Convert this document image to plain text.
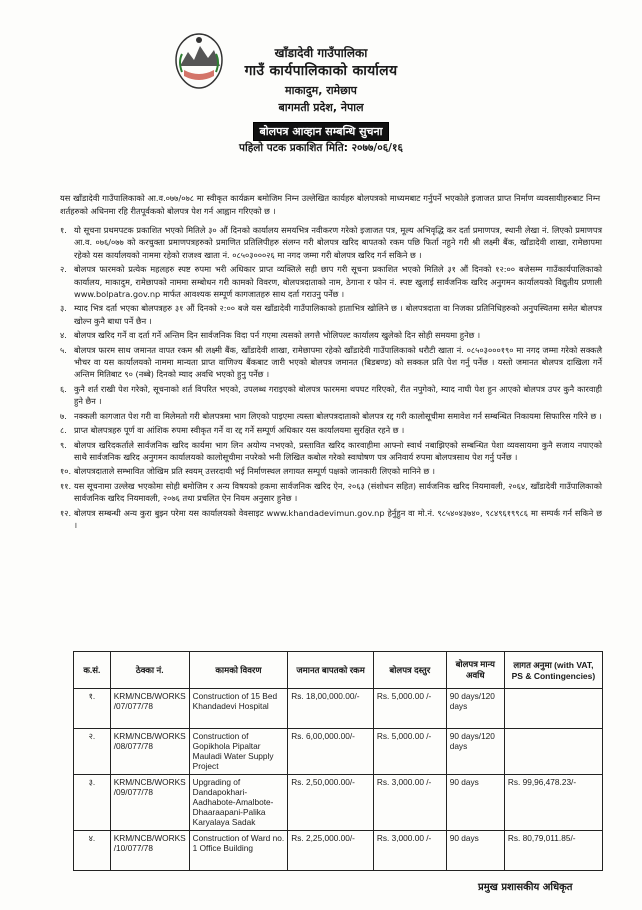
खाँडादेवी गाउँपालिका
गाउँ कार्यपालिकाको कार्यालय
माकादुम, रामेछाप
बागमती प्रदेश, नेपाल
बोलपत्र आव्हान सम्बन्धि सुचना
पहिलो पटक प्रकाशित मिति: २०७७/०६/१६
यस खाँडादेवी गाउँपालिकाको आ.व.०७७/०७८ मा स्वीकृत कार्यक्रम बमोजिम निम्न उल्लेखित कार्यहरु बोलपत्रको माध्यमबाट गर्नुपर्ने भएकोले इजाजत प्राप्त निर्माण व्यवसायीहरुबाट निम्न शर्तहरुको अधिनमा रहि रीतपूर्वकको बोलपत्र पेश गर्न आह्वान गरिएको छ ।
१. यो सूचना प्रथमपटक प्रकाशित भएको मितिले ३० औं दिनको कार्यालय समयभित्र नवीकरण गरेको इजाजत पत्र, मूल्य अभिवृद्धि कर दर्ता प्रमाणपत्र, स्थानी लेखा नं. लिएको प्रमाणपत्र आ.व. ०७६/०७७ को करचुक्ता प्रमाणपत्रहरुको प्रमाणित प्रतिलिपीहरु संलग्न गरी बोलपत्र खरिद बापतको रकम पछि फिर्ता नहुने गरी श्री लक्ष्मी बैंक, खाँडादेवी शाखा, रामेछापमा रहेको यस कार्यालयको नाममा रहेको राजश्व खाता नं. ०८५०३०००२६ मा नगद जम्मा गरी बोलपत्र खरिद गर्न सकिने छ ।
२. बोलपत्र फारमको प्रत्येक महलहरु स्पष्ट रुपमा भरी अधिकार प्राप्त व्यक्तिले सही छाप गरी सूचना प्रकाशित भएको मितिले ३१ औं दिनको १२:०० बजेसम्म गाउँकार्यपालिकाको कार्यालय, माकादुम, रामेछापको नाममा सम्बोधन गरी कामको विवरण, बोलपत्रदाताको नाम, ठेगाना र फोन नं. स्पष्ट खुलाई सार्वजनिक खरिद अनुगमन कार्यालयको विद्युतीय प्रणाली www.bolpatra.gov.np मार्फत आवश्यक सम्पूर्ण कागजातहरु साथ दर्ता गराउनु पर्नेछ ।
३. म्याद भित्र दर्ता भएका बोलपत्रहरु ३१ औं दिनको २:०० बजे यस खाँडादेवी गाउँपालिकाको हाताभित्र खोलिने छ । बोलपत्रदाता वा निजका प्रतिनिधिहरुको अनुपस्थितमा समेत बोलपत्र खोल्न कुनै बाधा पर्ने छैन ।
४. बोलपत्र खरिद गर्ने वा दर्ता गर्ने अन्तिम दिन सार्वजनिक विदा पर्न गएमा त्यसको लगत्तै भोलिपल्ट कार्यालय खुलेको दिन सोही समयमा हुनेछ ।
५. बोलपत्र फारम साथ जमानत वापत रकम श्री लक्ष्मी बैंक, खाँडादेवी शाखा, रामेछापमा रहेको खाँडादेवी गाउँपालिकाको धरौटी खाता नं. ०८५०३०००१९० मा नगद जम्मा गरेको सक्कलै भौचर वा यस कार्यालयको नाममा मान्यता प्राप्त वाणिज्य बैंकबाट जारी भएको बोलपत्र जमानत (बिडबण्ड) को सक्कल प्रति पेश गर्नु पर्नेछ । यस्तो जमानत बोलपत्र दाखिला गर्ने अन्तिम मितिबाट ९० (नब्बे) दिनको म्याद अवधि भएको हुनु पर्नेछ ।
६. कुनै शर्त राखी पेश गरेको, सूचनाको शर्त विपरित भएको, उपलब्ध गराइएको बोलपत्र फारममा थपघट गरिएको, रीत नपुगेको, म्याद नाघी पेश हुन आएको बोलपत्र उपर कुनै कारवाही हुने छैन ।
७. नक्कली कागजात पेश गरी वा मिलेमतो गरी बोलपत्रमा भाग लिएको पाइएमा त्यस्ता बोलपत्रदाताको बोलपत्र रद्द गरी कालोसूचीमा समावेश गर्न सम्बन्धित निकायमा सिफारिस गरिने छ ।
८. प्राप्त बोलपत्रहरु पूर्ण वा आंशिक रुपमा स्वीकृत गर्ने वा रद्द गर्ने सम्पूर्ण अधिकार यस कार्यालयमा सुरक्षित रहने छ ।
९. बोलपत्र खरिदकर्ताले सार्वजनिक खरिद कार्यमा भाग लिन अयोग्य नभएको, प्रस्तावित खरिद कारवाहीमा आफ्नो स्वार्थ नबाझिएको सम्बन्धित पेशा व्यवसायमा कुनै सजाय नपाएको साथै सार्वजनिक खरिद अनुगमन कार्यालयको कालोसूचीमा नपरेको भनी लिखित कबोल गरेको स्वःघोषण पत्र अनिवार्य रुपमा बोलपत्रसाथ पेश गर्नु पर्नेछ ।
१०. बोलपत्रदाताले सम्भावित जोखिम प्रति स्वयम् उत्तरदायी भई निर्माणस्थल लगायत सम्पूर्ण पक्षको जानकारी लिएको मानिने छ ।
११. यस सूचनामा उल्लेख भएकोमा सोही बमोजिम र अन्य विषयको हकमा सार्वजनिक खरिद ऐन, २०६३ (संशोधन सहित) सार्वजनिक खरिद नियमावली, २०६४, खाँडादेवी गाउँपालिकाको सार्वजनिक खरिद नियमावली, २०७६ तथा प्रचलित ऐन नियम अनुसार हुनेछ ।
१२. बोलपत्र सम्बन्धी अन्य कुरा बुझ्न परेमा यस कार्यालयको वेवसाइट www.khandadevimun.gov.np हेर्नुहुन वा मो.नं. ९८५४०४३७४०, ९८४९६१९९८६ मा सम्पर्क गर्न सकिने छ ।
क.सं.	ठेक्का नं.	कामको विवरण	जमानत बापतको रकम	बोलपत्र दस्तुर	बोलपत्र मान्य अवधि	लागत अनुमा (with VAT, PS & Contingencies)
१.	KRM/NCB/WORKS /07/077/78	Construction of 15 Bed Khandadevi Hospital	Rs. 18,00,000.00/-	Rs. 5,000.00 /-	90 days/120 days	
२.	KRM/NCB/WORKS /08/077/78	Construction of Gopikhola Pipaltar Mauladi Water Supply Project	Rs. 6,00,000.00/-	Rs. 5,000.00 /-	90 days/120 days	
३.	KRM/NCB/WORKS /09/077/78	Upgrading of Dandapokhari-Aadhabote-Amalbote-Dhaaraapani-Palika Karyalaya Sadak	Rs. 2,50,000.00/-	Rs. 3,000.00 /-	90 days	Rs. 99,96,478.23/-
४.	KRM/NCB/WORKS /10/077/78	Construction of Ward no. 1 Office Building	Rs. 2,25,000.00/-	Rs. 3,000.00 /-	90 days	Rs. 80,79,011.85/-
प्रमुख प्रशासकीय अधिकृत
